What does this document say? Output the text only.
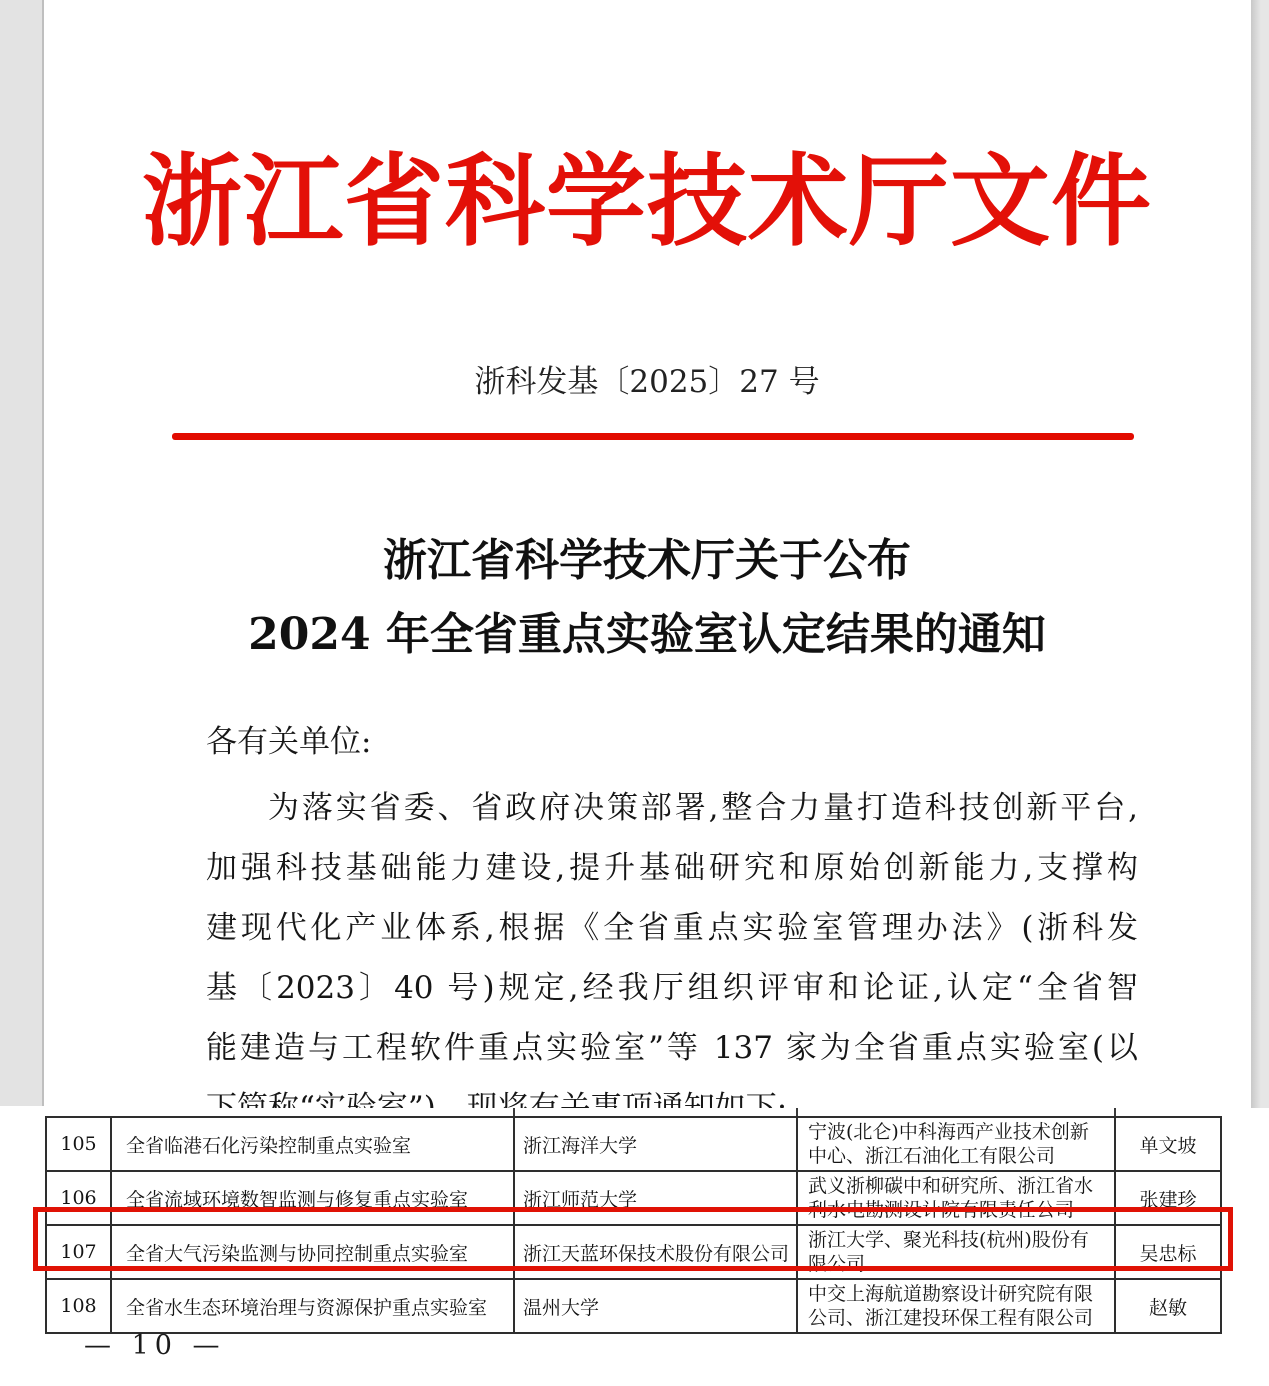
浙江省科学技术厅文件
浙科发基〔2025〕27 号
浙江省科学技术厅关于公布
2024 年全省重点实验室认定结果的通知
各有关单位:
为落实省委、省政府决策部署,整合力量打造科技创新平台,
加强科技基础能力建设,提升基础研究和原始创新能力,支撑构
建现代化产业体系,根据《全省重点实验室管理办法》(浙科发
基〔2023〕40 号)规定,经我厅组织评审和论证,认定“全省智
能建造与工程软件重点实验室”等 137 家为全省重点实验室(以
105	全省临港石化污染控制重点实验室	浙江海洋大学	宁波(北仑)中科海西产业技术创新中心、浙江石油化工有限公司	单文坡
106	全省流域环境数智监测与修复重点实验室	浙江师范大学	武义浙柳碳中和研究所、浙江省水利水电勘测设计院有限责任公司	张建珍
107	全省大气污染监测与协同控制重点实验室	浙江天蓝环保技术股份有限公司	浙江大学、聚光科技(杭州)股份有限公司	吴忠标
108	全省水生态环境治理与资源保护重点实验室	温州大学	中交上海航道勘察设计研究院有限公司、浙江建投环保工程有限公司	赵敏
— 10 —
